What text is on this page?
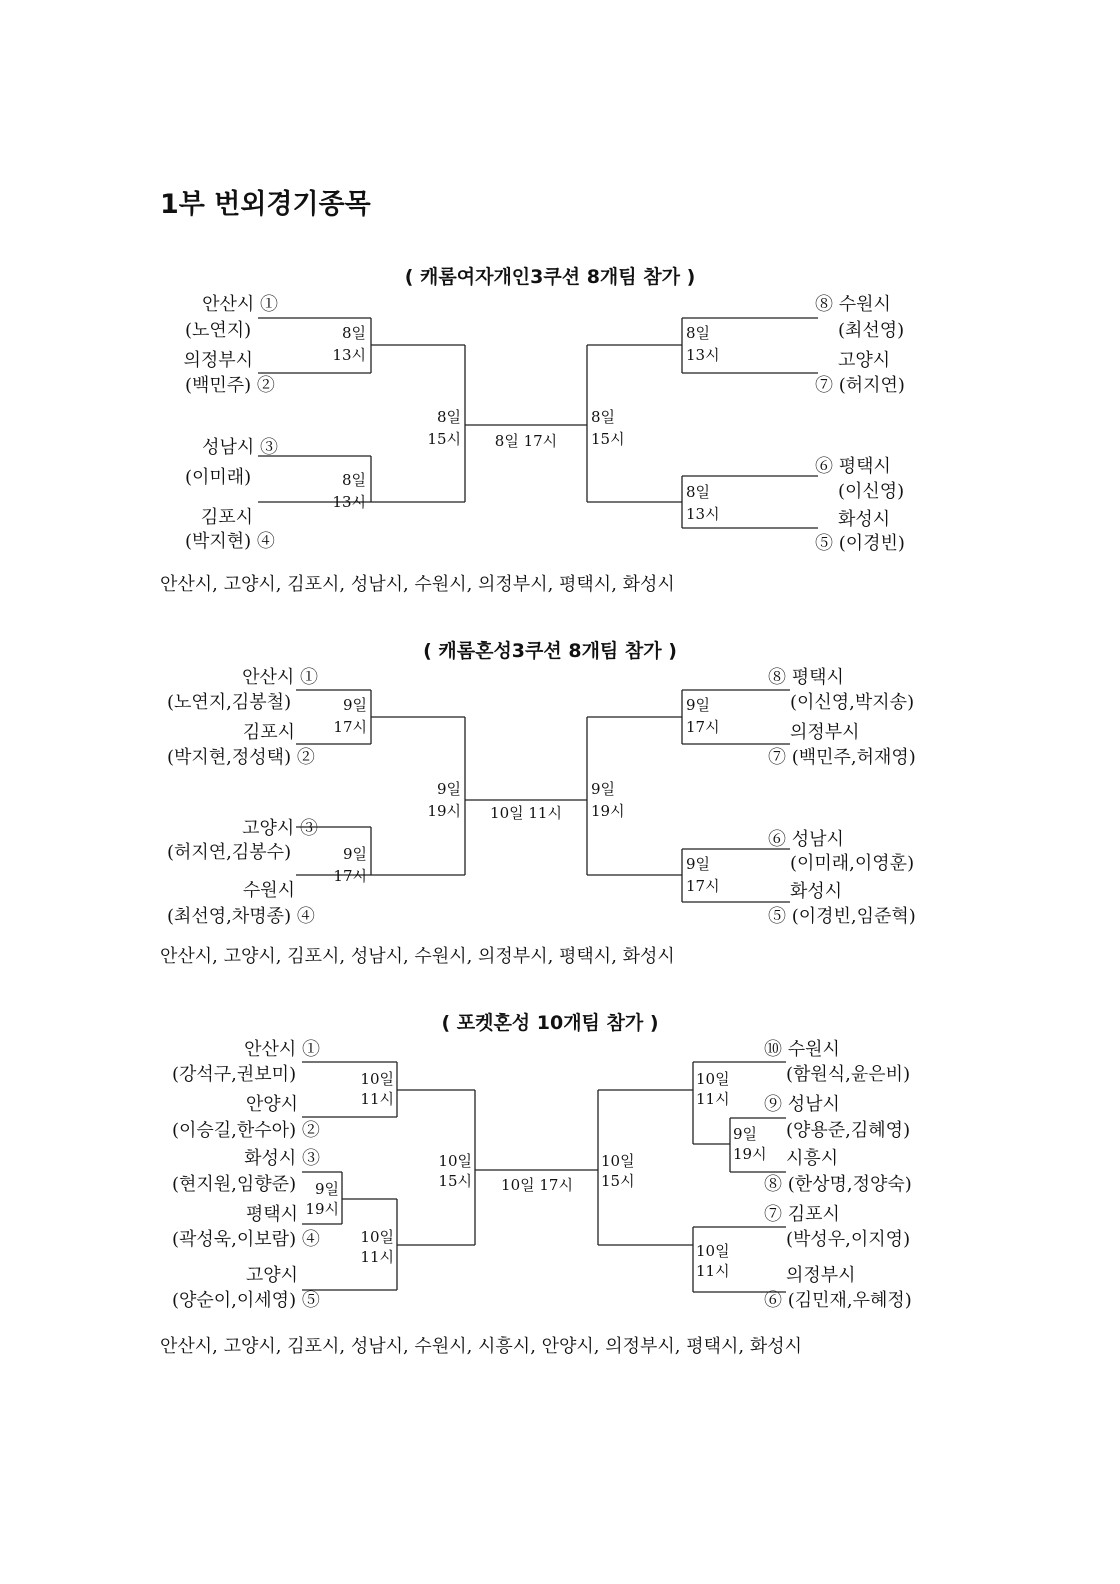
1부 번외경기종목
( 캐롬여자개인3쿠션 8개팀 참가 )
안산시 ①
(노연지)
의정부시
(백민주) ②
성남시 ③
(이미래)
김포시
(박지현) ④
⑧ 수원시
(최선영)
고양시
⑦ (허지연)
⑥ 평택시
(이신영)
화성시
⑤ (이경빈)
8일
13시
8일
13시
8일
15시 8일 17시
8일
15시
8일
13시
8일
13시
안산시, 고양시, 김포시, 성남시, 수원시, 의정부시, 평택시, 화성시
( 캐롬혼성3쿠션 8개팀 참가 )
안산시 ①
(노연지,김봉철)
김포시
(박지현,정성택) ②
고양시 ③
(허지연,김봉수)
수원시
(최선영,차명종) ④
⑧ 평택시
(이신영,박지송)
의정부시
⑦ (백민주,허재영)
⑥ 성남시
(이미래,이영훈)
화성시
⑤ (이경빈,임준혁)
9일
17시
9일
17시
9일
19시 10일 11시
9일
19시
9일
17시
9일
17시
안산시, 고양시, 김포시, 성남시, 수원시, 의정부시, 평택시, 화성시
( 포켓혼성 10개팀 참가 )
안산시 ①
(강석구,권보미)
안양시
(이승길,한수아) ②
화성시 ③
(현지원,임향준)
평택시
(곽성욱,이보람) ④
고양시
(양순이,이세영) ⑤
⑩ 수원시
(함원식,윤은비)
⑨ 성남시
(양용준,김혜영)
시흥시
⑧ (한상명,정양숙)
⑦ 김포시
(박성우,이지영)
의정부시
⑥ (김민재,우혜정)
10일
11시
9일
19시
10일
11시
10일
15시 10일 17시
10일
15시
10일
11시
9일
19시
10일
11시
안산시, 고양시, 김포시, 성남시, 수원시, 시흥시, 안양시, 의정부시, 평택시, 화성시
